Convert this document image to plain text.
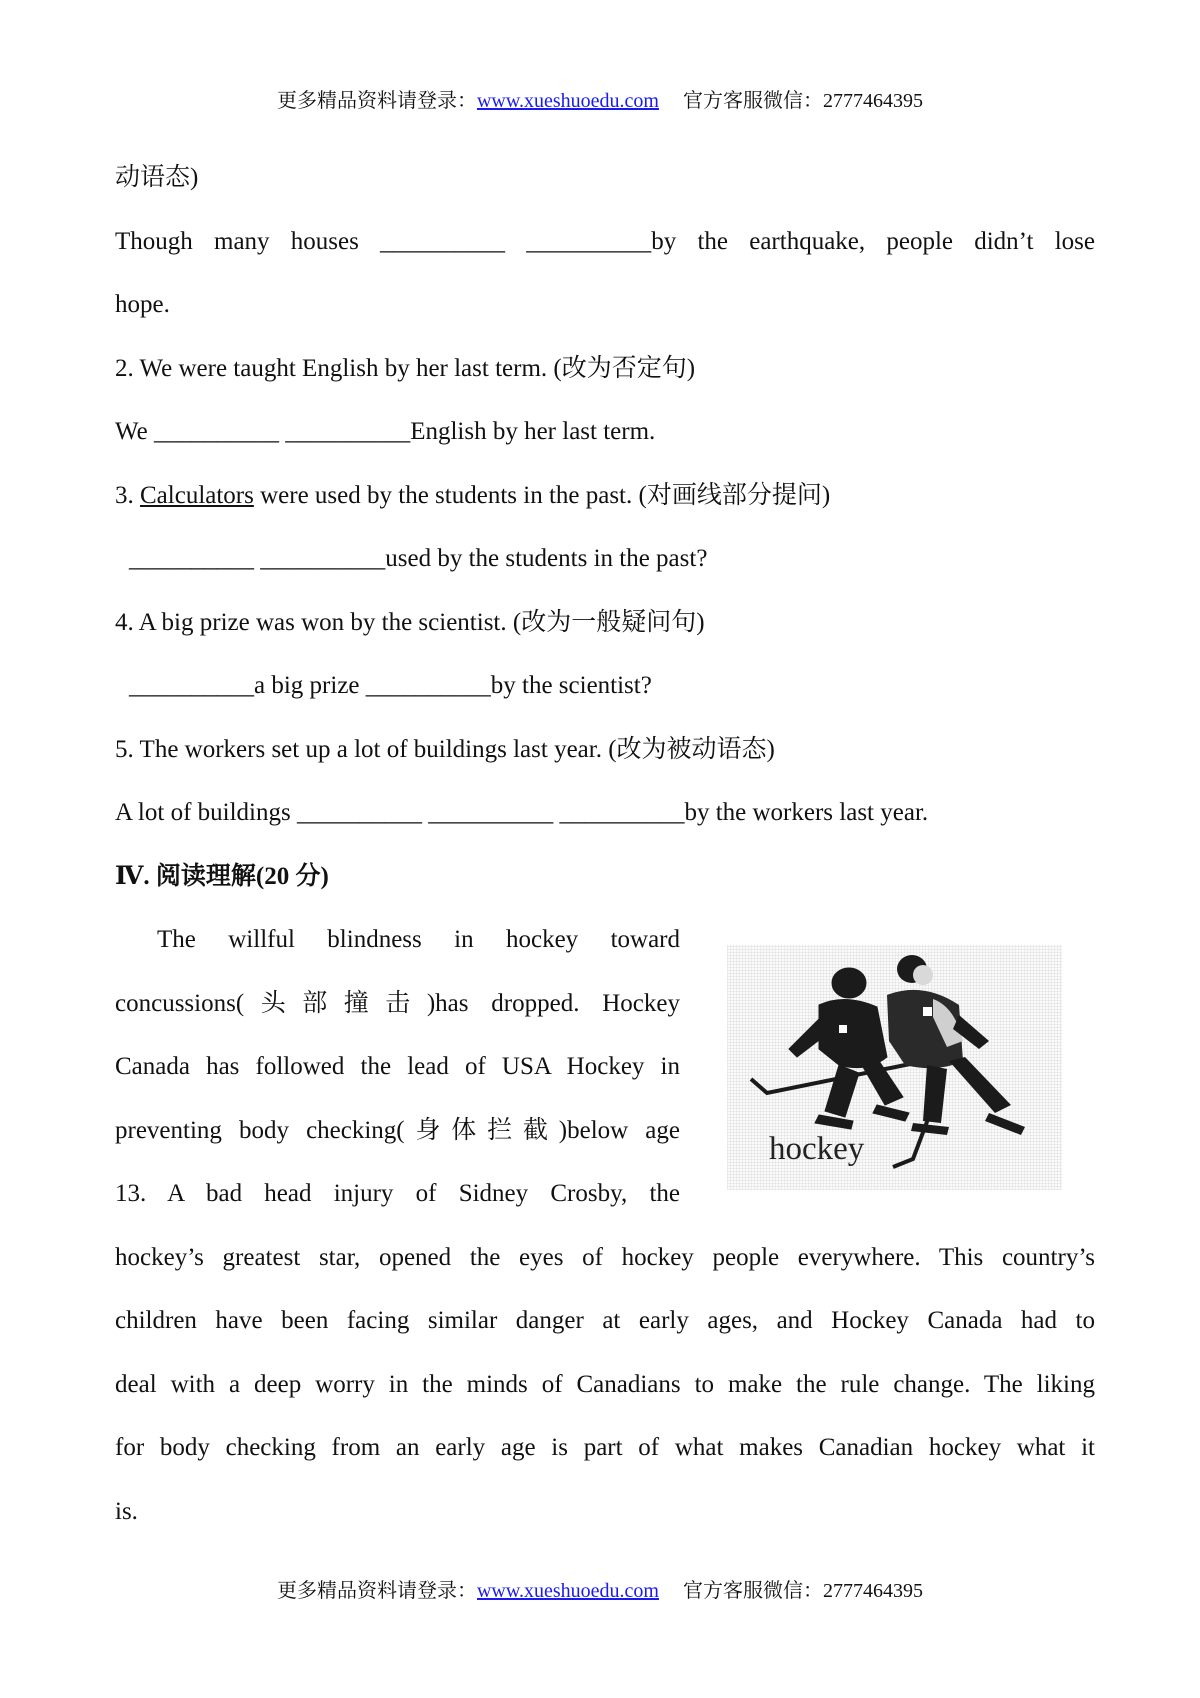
更多精品资料请登录：www.xueshuoedu.com 官方客服微信：2777464395
动语态)
Though many houses __________ __________by the earthquake, people didn’t lose
hope.
2. We were taught English by her last term. (改为否定句)
We __________ __________English by her last term.
3. Calculators were used by the students in the past. (对画线部分提问)
__________ __________used by the students in the past?
4. A big prize was won by the scientist. (改为一般疑问句)
__________a big prize __________by the scientist?
5. The workers set up a lot of buildings last year. (改为被动语态)
A lot of buildings __________ __________ __________by the workers last year.
Ⅳ. 阅读理解(20 分)
The willful blindness in hockey toward
concussions(头部撞击)has dropped. Hockey
Canada has followed the lead of USA Hockey in
preventing body checking(身体拦截)below age
13. A bad head injury of Sidney Crosby, the
hockey’s greatest star, opened the eyes of hockey people everywhere. This country’s
children have been facing similar danger at early ages, and Hockey Canada had to
deal with a deep worry in the minds of Canadians to make the rule change. The liking
for body checking from an early age is part of what makes Canadian hockey what it
is.
hockey
更多精品资料请登录：www.xueshuoedu.com 官方客服微信：2777464395
